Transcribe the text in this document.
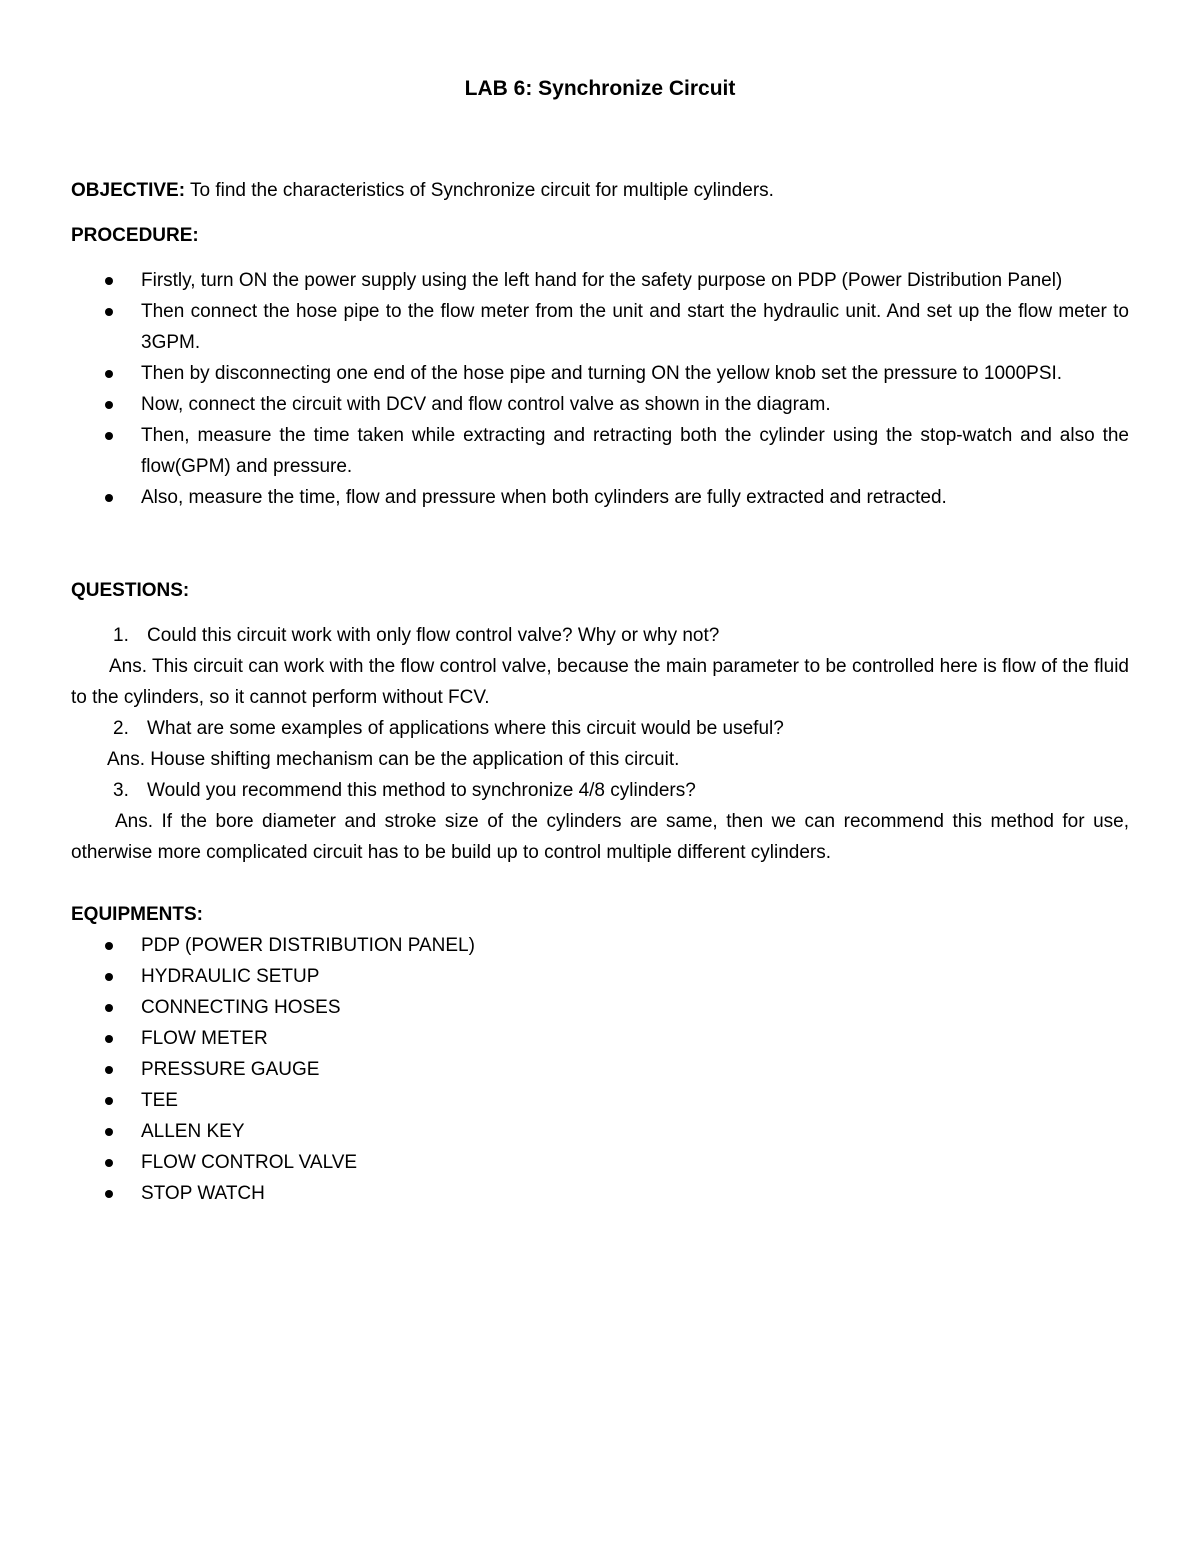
LAB 6: Synchronize Circuit

OBJECTIVE: To find the characteristics of Synchronize circuit for multiple cylinders.

PROCEDURE:

Firstly, turn ON the power supply using the left hand for the safety purpose on PDP (Power Distribution Panel)
Then connect the hose pipe to the flow meter from the unit and start the hydraulic unit. And set up the flow meter to 3GPM.
Then by disconnecting one end of the hose pipe and turning ON the yellow knob set the pressure to 1000PSI.
Now, connect the circuit with DCV and flow control valve as shown in the diagram.
Then, measure the time taken while extracting and retracting both the cylinder using the stop-watch and also the flow(GPM) and pressure.
Also, measure the time, flow and pressure when both cylinders are fully extracted and retracted.

QUESTIONS:

1. Could this circuit work with only flow control valve? Why or why not?
Ans. This circuit can work with the flow control valve, because the main parameter to be controlled here is flow of the fluid to the cylinders, so it cannot perform without FCV.
2. What are some examples of applications where this circuit would be useful?
Ans. House shifting mechanism can be the application of this circuit.
3. Would you recommend this method to synchronize 4/8 cylinders?
Ans. If the bore diameter and stroke size of the cylinders are same, then we can recommend this method for use, otherwise more complicated circuit has to be build up to control multiple different cylinders.

EQUIPMENTS:

PDP (POWER DISTRIBUTION PANEL)
HYDRAULIC SETUP
CONNECTING HOSES
FLOW METER
PRESSURE GAUGE
TEE
ALLEN KEY
FLOW CONTROL VALVE
STOP WATCH
